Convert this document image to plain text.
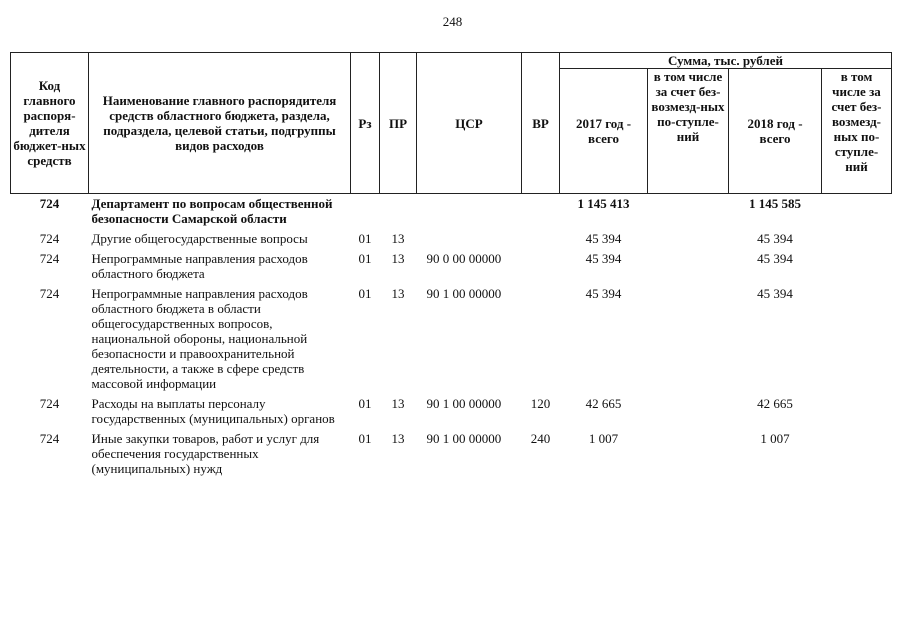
248
Код главного распоря-дителя бюджет-ных средств	Наименование главного распорядителя средств областного бюджета, раздела, подраздела, целевой статьи, подгруппы видов расходов	Рз	ПР	ЦСР	ВР	Сумма, тыс. рублей			
						2017 год - всего	в том числе за счет без-возмезд-ных по-ступле-ний	2018 год - всего	в том числе за счет без-возмезд-ных по-ступле-ний
724	Департамент по вопросам общественной безопасности Самарской области					1 145 413		1 145 585	
724	Другие общегосударственные вопросы	01	13			45 394		45 394	
724	Непрограммные направления расходов областного бюджета	01	13	90 0 00 00000		45 394		45 394	
724	Непрограммные направления расходов областного бюджета в области общегосударственных вопросов, национальной обороны, национальной безопасности и правоохранительной деятельности, а также в сфере средств массовой информации	01	13	90 1 00 00000		45 394		45 394	
724	Расходы на выплаты персоналу государственных (муниципальных) органов	01	13	90 1 00 00000	120	42 665		42 665	
724	Иные закупки товаров, работ и услуг для обеспечения государственных (муниципальных) нужд	01	13	90 1 00 00000	240	1 007		1 007	
